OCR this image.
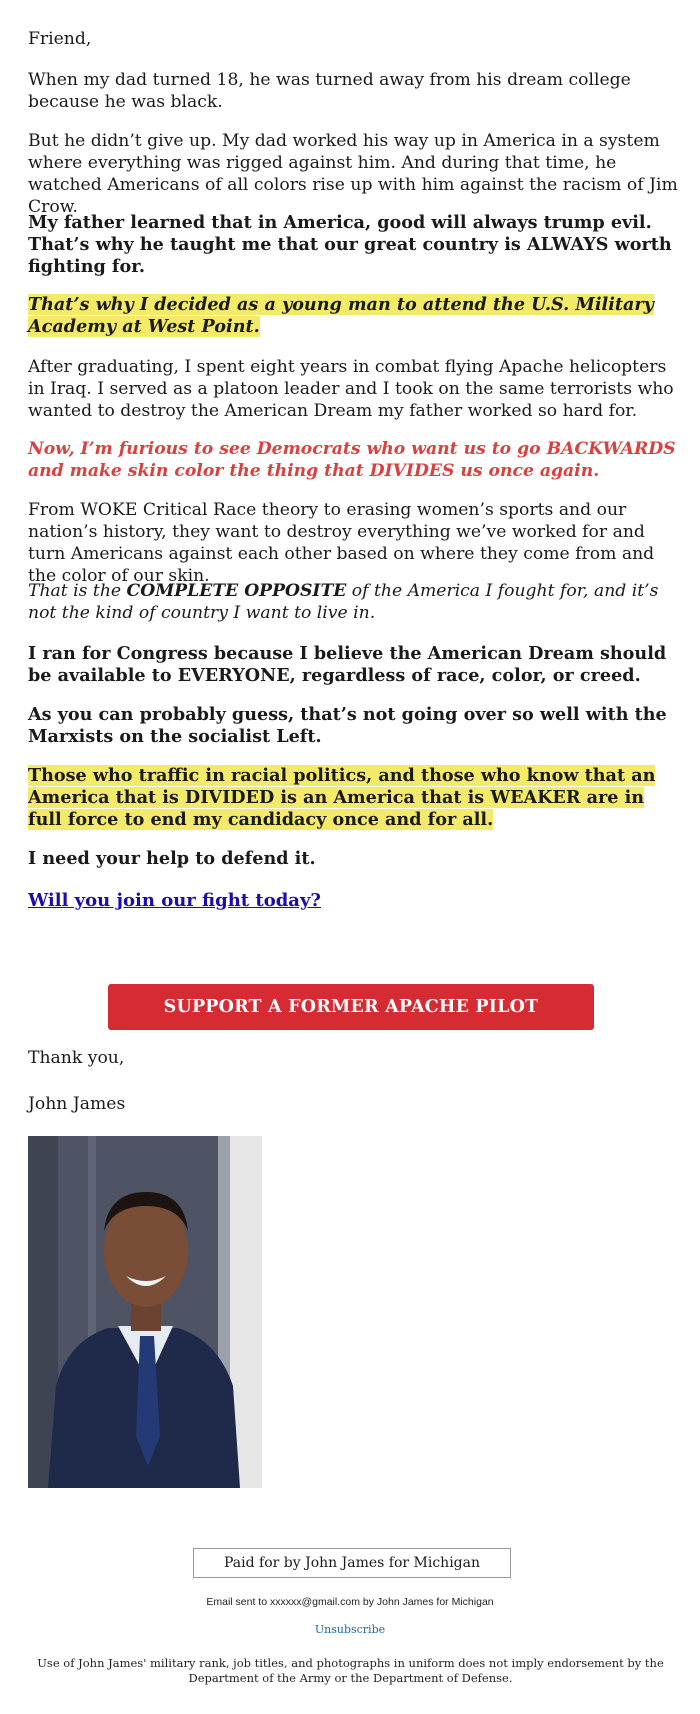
Friend,

When my dad turned 18, he was turned away from his dream college because he was black.

But he didn’t give up. My dad worked his way up in America in a system where everything was rigged against him. And during that time, he watched Americans of all colors rise up with him against the racism of Jim Crow.

My father learned that in America, good will always trump evil. That’s why he taught me that our great country is ALWAYS worth fighting for.

That’s why I decided as a young man to attend the U.S. Military Academy at West Point.

After graduating, I spent eight years in combat flying Apache helicopters in Iraq. I served as a platoon leader and I took on the same terrorists who wanted to destroy the American Dream my father worked so hard for.

Now, I’m furious to see Democrats who want us to go BACKWARDS and make skin color the thing that DIVIDES us once again.

From WOKE Critical Race theory to erasing women’s sports and our nation’s history, they want to destroy everything we’ve worked for and turn Americans against each other based on where they come from and the color of our skin.

That is the COMPLETE OPPOSITE of the America I fought for, and it’s not the kind of country I want to live in.

I ran for Congress because I believe the American Dream should be available to EVERYONE, regardless of race, color, or creed.

As you can probably guess, that’s not going over so well with the Marxists on the socialist Left.

Those who traffic in racial politics, and those who know that an America that is DIVIDED is an America that is WEAKER are in full force to end my candidacy once and for all.

I need your help to defend it.

Will you join our fight today?

SUPPORT A FORMER APACHE PILOT

Thank you,

John James

Paid for by John James for Michigan
Email sent to xxxxxx@gmail.com by John James for Michigan
Unsubscribe
Use of John James' military rank, job titles, and photographs in uniform does not imply endorsement by the Department of the Army or the Department of Defense.
